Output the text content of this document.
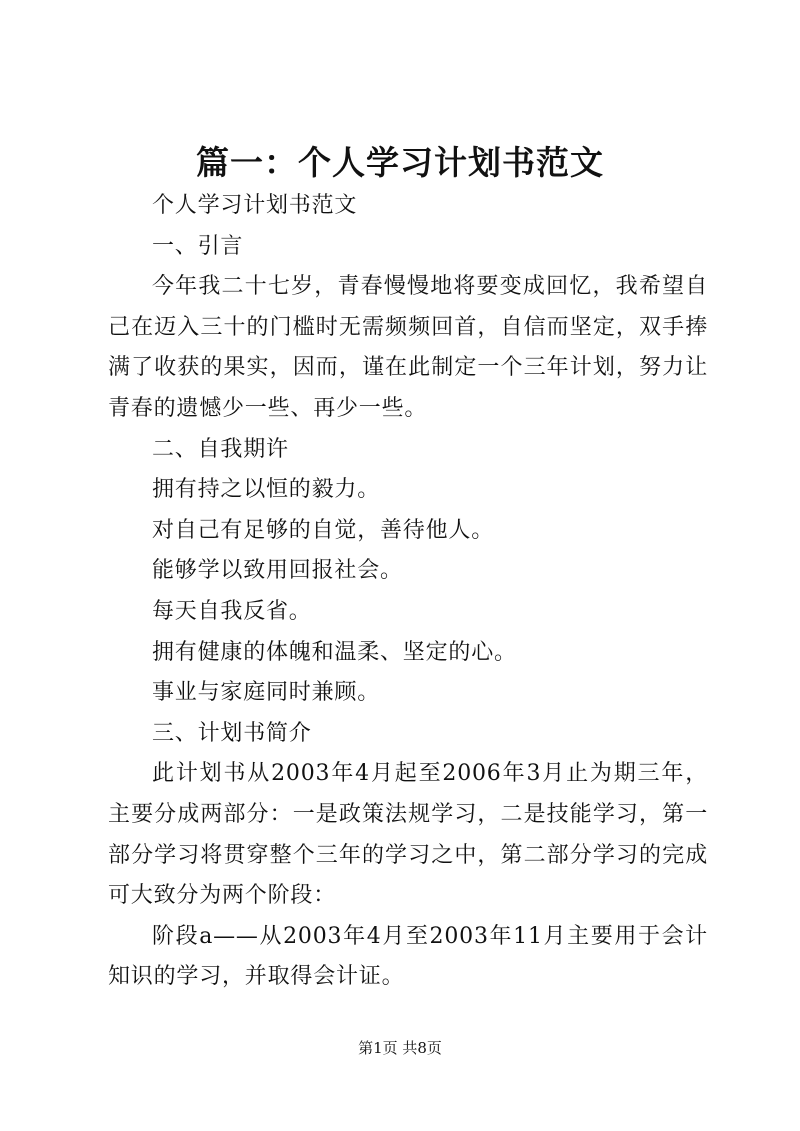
篇一：个人学习计划书范文

个人学习计划书范文

一、引言

今年我二十七岁，青春慢慢地将要变成回忆，我希望自己在迈入三十的门槛时无需频频回首，自信而坚定，双手捧满了收获的果实，因而，谨在此制定一个三年计划，努力让青春的遗憾少一些、再少一些。

二、自我期许

拥有持之以恒的毅力。

对自己有足够的自觉，善待他人。

能够学以致用回报社会。

每天自我反省。

拥有健康的体魄和温柔、坚定的心。

事业与家庭同时兼顾。

三、计划书简介

此计划书从2003年4月起至2006年3月止为期三年，主要分成两部分：一是政策法规学习，二是技能学习，第一部分学习将贯穿整个三年的学习之中，第二部分学习的完成可大致分为两个阶段：

阶段a——从2003年4月至2003年11月主要用于会计知识的学习，并取得会计证。

第1页 共8页
